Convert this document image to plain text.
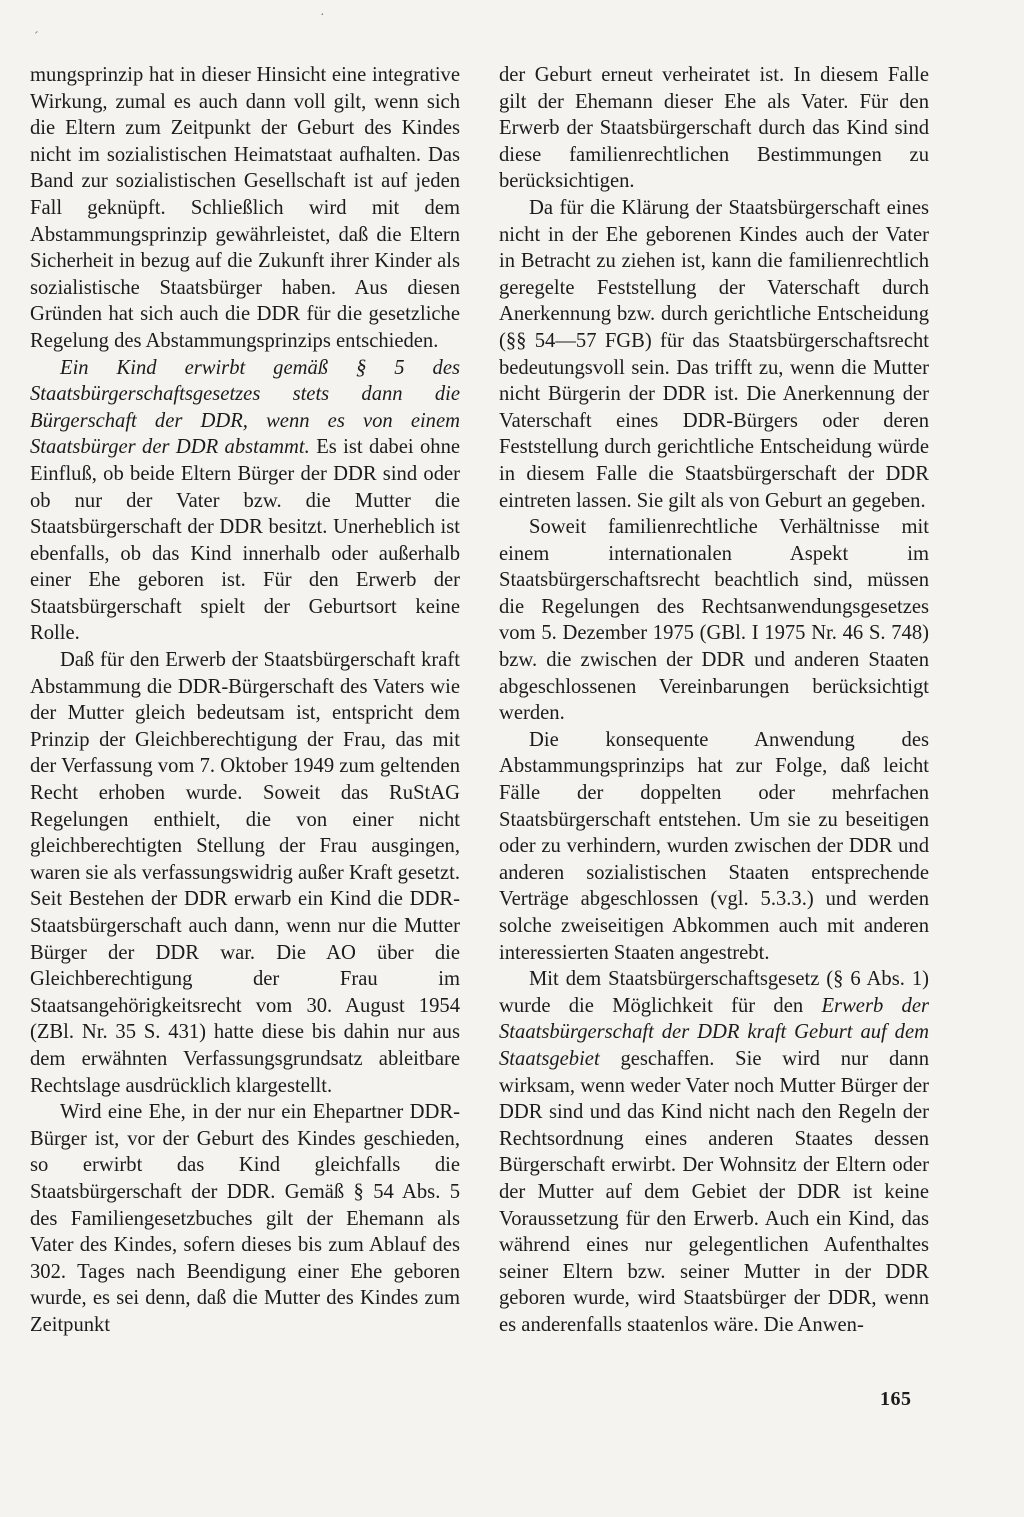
´
·

mungsprinzip hat in dieser Hinsicht eine integrative Wirkung, zumal es auch dann voll gilt, wenn sich die Eltern zum Zeitpunkt der Geburt des Kindes nicht im sozialistischen Heimatstaat aufhalten. Das Band zur sozialistischen Gesellschaft ist auf jeden Fall geknüpft. Schließlich wird mit dem Abstammungsprinzip gewährleistet, daß die Eltern Sicherheit in bezug auf die Zukunft ihrer Kinder als sozialistische Staatsbürger haben. Aus diesen Gründen hat sich auch die DDR für die gesetzliche Regelung des Abstammungsprinzips entschieden.

Ein Kind erwirbt gemäß § 5 des Staatsbürgerschaftsgesetzes stets dann die Bürgerschaft der DDR, wenn es von einem Staatsbürger der DDR abstammt. Es ist dabei ohne Einfluß, ob beide Eltern Bürger der DDR sind oder ob nur der Vater bzw. die Mutter die Staatsbürgerschaft der DDR besitzt. Unerheblich ist ebenfalls, ob das Kind innerhalb oder außerhalb einer Ehe geboren ist. Für den Erwerb der Staatsbürgerschaft spielt der Geburtsort keine Rolle.

Daß für den Erwerb der Staatsbürgerschaft kraft Abstammung die DDR-Bürgerschaft des Vaters wie der Mutter gleich bedeutsam ist, entspricht dem Prinzip der Gleichberechtigung der Frau, das mit der Verfassung vom 7. Oktober 1949 zum geltenden Recht erhoben wurde. Soweit das RuStAG Regelungen enthielt, die von einer nicht gleichberechtigten Stellung der Frau ausgingen, waren sie als verfassungswidrig außer Kraft gesetzt. Seit Bestehen der DDR erwarb ein Kind die DDR-Staatsbürgerschaft auch dann, wenn nur die Mutter Bürger der DDR war. Die AO über die Gleichberechtigung der Frau im Staatsangehörigkeitsrecht vom 30. August 1954 (ZBl. Nr. 35 S. 431) hatte diese bis dahin nur aus dem erwähnten Verfassungsgrundsatz ableitbare Rechtslage ausdrücklich klargestellt.

Wird eine Ehe, in der nur ein Ehepartner DDR-Bürger ist, vor der Geburt des Kindes geschieden, so erwirbt das Kind gleichfalls die Staatsbürgerschaft der DDR. Gemäß § 54 Abs. 5 des Familiengesetzbuches gilt der Ehemann als Vater des Kindes, sofern dieses bis zum Ablauf des 302. Tages nach Beendigung einer Ehe geboren wurde, es sei denn, daß die Mutter des Kindes zum Zeitpunkt

der Geburt erneut verheiratet ist. In diesem Falle gilt der Ehemann dieser Ehe als Vater. Für den Erwerb der Staatsbürgerschaft durch das Kind sind diese familienrechtlichen Bestimmungen zu berücksichtigen.

Da für die Klärung der Staatsbürgerschaft eines nicht in der Ehe geborenen Kindes auch der Vater in Betracht zu ziehen ist, kann die familienrechtlich geregelte Feststellung der Vaterschaft durch Anerkennung bzw. durch gerichtliche Entscheidung (§§ 54—57 FGB) für das Staatsbürgerschaftsrecht bedeutungsvoll sein. Das trifft zu, wenn die Mutter nicht Bürgerin der DDR ist. Die Anerkennung der Vaterschaft eines DDR-Bürgers oder deren Feststellung durch gerichtliche Entscheidung würde in diesem Falle die Staatsbürgerschaft der DDR eintreten lassen. Sie gilt als von Geburt an gegeben.

Soweit familienrechtliche Verhältnisse mit einem internationalen Aspekt im Staatsbürgerschaftsrecht beachtlich sind, müssen die Regelungen des Rechtsanwendungsgesetzes vom 5. Dezember 1975 (GBl. I 1975 Nr. 46 S. 748) bzw. die zwischen der DDR und anderen Staaten abgeschlossenen Vereinbarungen berücksichtigt werden.

Die konsequente Anwendung des Abstammungsprinzips hat zur Folge, daß leicht Fälle der doppelten oder mehrfachen Staatsbürgerschaft entstehen. Um sie zu beseitigen oder zu verhindern, wurden zwischen der DDR und anderen sozialistischen Staaten entsprechende Verträge abgeschlossen (vgl. 5.3.3.) und werden solche zweiseitigen Abkommen auch mit anderen interessierten Staaten angestrebt.

Mit dem Staatsbürgerschaftsgesetz (§ 6 Abs. 1) wurde die Möglichkeit für den Erwerb der Staatsbürgerschaft der DDR kraft Geburt auf dem Staatsgebiet geschaffen. Sie wird nur dann wirksam, wenn weder Vater noch Mutter Bürger der DDR sind und das Kind nicht nach den Regeln der Rechtsordnung eines anderen Staates dessen Bürgerschaft erwirbt. Der Wohnsitz der Eltern oder der Mutter auf dem Gebiet der DDR ist keine Voraussetzung für den Erwerb. Auch ein Kind, das während eines nur gelegentlichen Aufenthaltes seiner Eltern bzw. seiner Mutter in der DDR geboren wurde, wird Staatsbürger der DDR, wenn es anderenfalls staatenlos wäre. Die Anwen-

165
